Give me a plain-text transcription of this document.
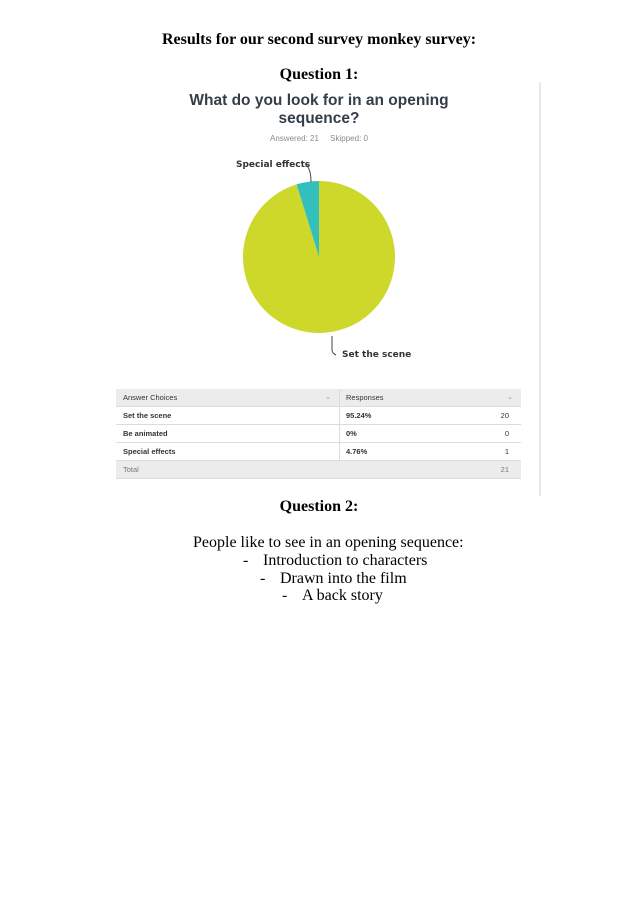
Results for our second survey monkey survey:
Question 1:
What do you look for in an opening
sequence?
Answered: 21 Skipped: 0
Special effects
Set the scene
Answer Choices	⌄ Responses	⌄
Set the scene	95.24%	20
Be animated	0%	0
Special effects	4.76%	1
Total	21
Question 2:
People like to see in an opening sequence:
- Introduction to characters
- Drawn into the film
- A back story
